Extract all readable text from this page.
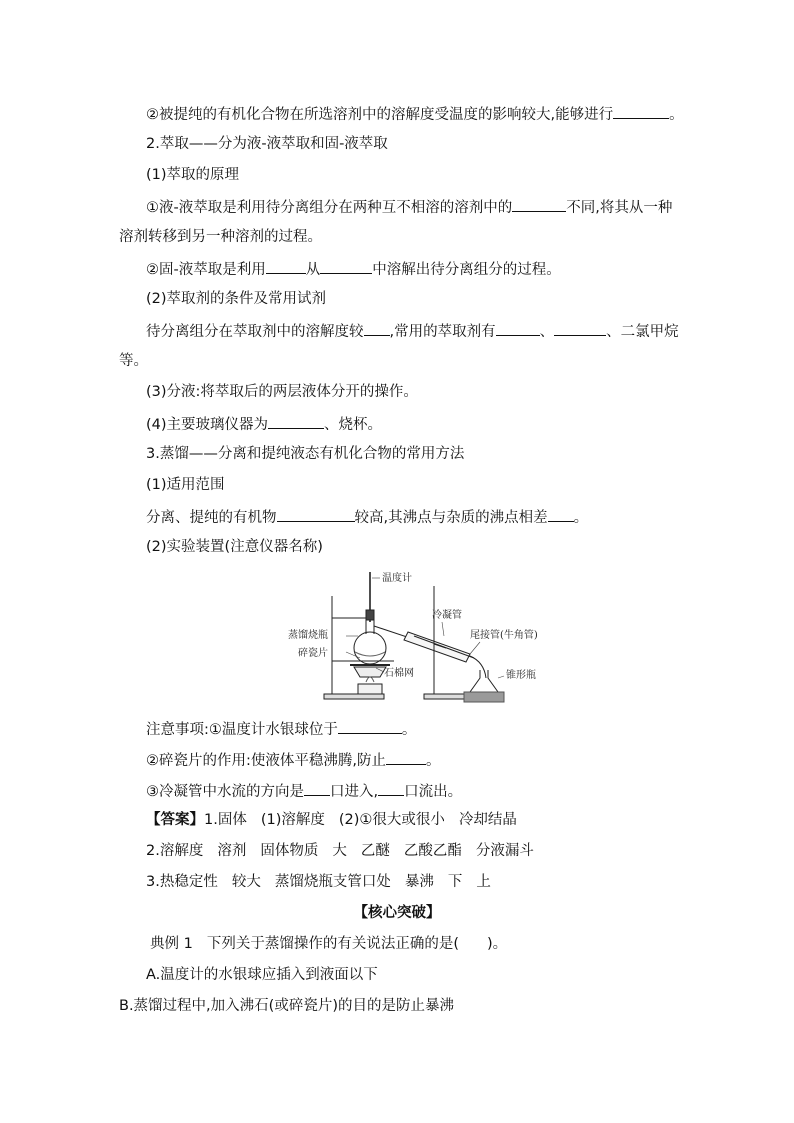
②被提纯的有机化合物在所选溶剂中的溶解度受温度的影响较大,能够进行	。
2.萃取——分为液-液萃取和固-液萃取
(1)萃取的原理
①液-液萃取是利用待分离组分在两种互不相溶的溶剂中的	不同,将其从一种
溶剂转移到另一种溶剂的过程。
②固-液萃取是利用	从	中溶解出待分离组分的过程。
(2)萃取剂的条件及常用试剂
待分离组分在萃取剂中的溶解度较 ,常用的萃取剂有	、	、二氯甲烷
等。
(3)分液:将萃取后的两层液体分开的操作。
(4)主要玻璃仪器为	、烧杯。
3.蒸馏——分离和提纯液态有机化合物的常用方法
(1)适用范围
分离、提纯的有机物	较高,其沸点与杂质的沸点相差 。
(2)实验装置(注意仪器名称)
温度计
冷凝管
蒸馏烧瓶	尾接管(牛角管)
碎瓷片
石棉网	锥形瓶
注意事项:①温度计水银球位于	。
②碎瓷片的作用:使液体平稳沸腾,防止	。
③冷凝管中水流的方向是 口进入, 口流出。
【答案】1.固体 (1)溶解度 (2)①很大或很小 冷却结晶
2.溶解度 溶剂 固体物质 大 乙醚 乙酸乙酯 分液漏斗
3.热稳定性 较大 蒸馏烧瓶支管口处 暴沸 下 上
【核心突破】
典例 1 下列关于蒸馏操作的有关说法正确的是( )。
A.温度计的水银球应插入到液面以下
B.蒸馏过程中,加入沸石(或碎瓷片)的目的是防止暴沸
